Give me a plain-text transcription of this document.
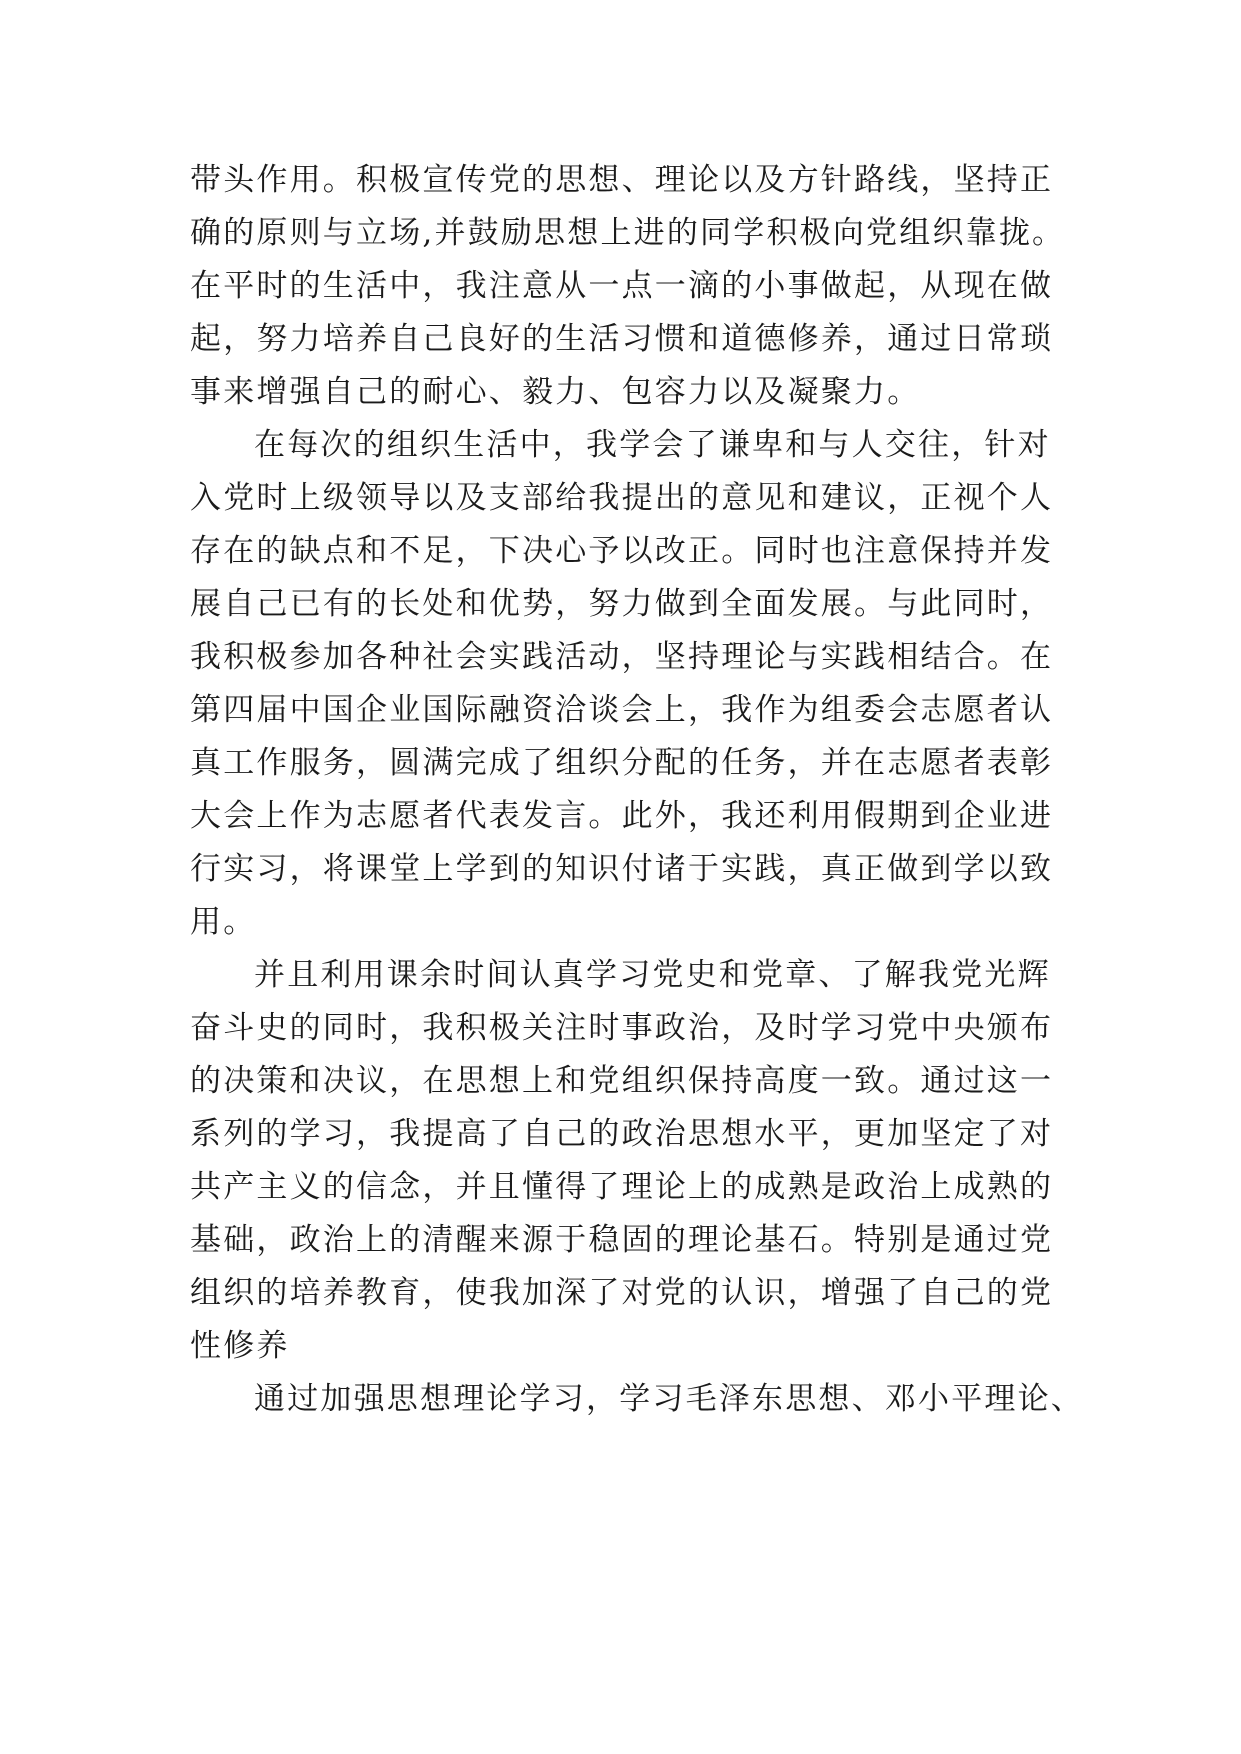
带头作用。积极宣传党的思想、理论以及方针路线，坚持正
确的原则与立场,并鼓励思想上进的同学积极向党组织靠拢。
在平时的生活中，我注意从一点一滴的小事做起，从现在做
起，努力培养自己良好的生活习惯和道德修养，通过日常琐
事来增强自己的耐心、毅力、包容力以及凝聚力。
在每次的组织生活中，我学会了谦卑和与人交往，针对
入党时上级领导以及支部给我提出的意见和建议，正视个人
存在的缺点和不足，下决心予以改正。同时也注意保持并发
展自己已有的长处和优势，努力做到全面发展。与此同时，
我积极参加各种社会实践活动，坚持理论与实践相结合。在
第四届中国企业国际融资洽谈会上，我作为组委会志愿者认
真工作服务，圆满完成了组织分配的任务，并在志愿者表彰
大会上作为志愿者代表发言。此外，我还利用假期到企业进
行实习，将课堂上学到的知识付诸于实践，真正做到学以致
用。
并且利用课余时间认真学习党史和党章、了解我党光辉
奋斗史的同时，我积极关注时事政治，及时学习党中央颁布
的决策和决议，在思想上和党组织保持高度一致。通过这一
系列的学习，我提高了自己的政治思想水平，更加坚定了对
共产主义的信念，并且懂得了理论上的成熟是政治上成熟的
基础，政治上的清醒来源于稳固的理论基石。特别是通过党
组织的培养教育，使我加深了对党的认识，增强了自己的党
性修养
通过加强思想理论学习，学习毛泽东思想、邓小平理论、
